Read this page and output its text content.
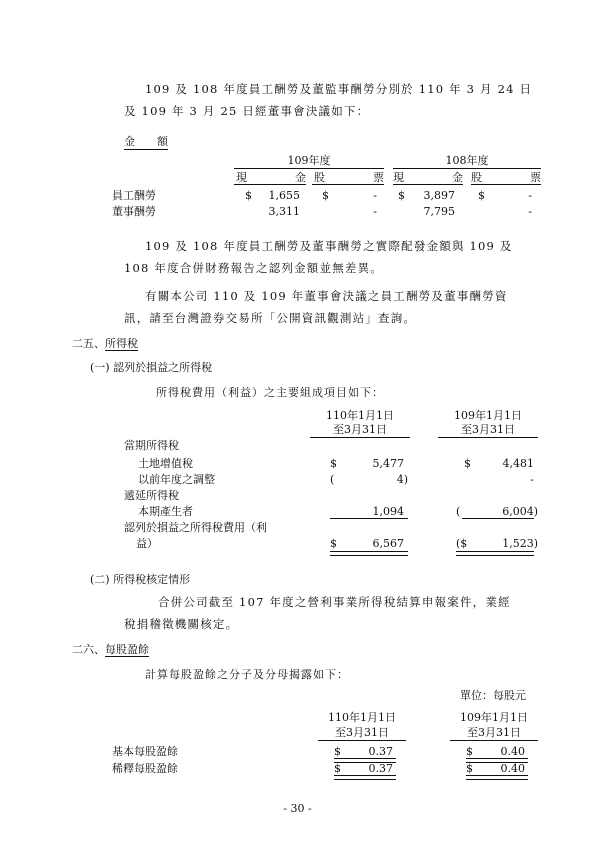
109 及 108 年度員工酬勞及董監事酬勞分別於 110 年 3 月 24 日
及 109 年 3 月 25 日經董事會決議如下：
金　　額
109年度	108年度
現　　　金 股　　　票 現　　　金 股　　　票
員工酬勞	$	1,655 $	- $	3,897 $	-
董事酬勞	3,311	-	7,795	-
109 及 108 年度員工酬勞及董事酬勞之實際配發金額與 109 及
108 年度合併財務報告之認列金額並無差異。
有關本公司 110 及 109 年董事會決議之員工酬勞及董事酬勞資
訊，請至台灣證券交易所「公開資訊觀測站」查詢。
二五、所得稅
(一) 認列於損益之所得稅
所得稅費用（利益）之主要組成項目如下：
110年1月1日
至3月31日
109年1月1日
至3月31日
當期所得稅
土地增值稅	$	5,477	$	4,481
以前年度之調整	(	4)	-
遞延所得稅
本期產生者	1,094	(	6,004)
認列於損益之所得稅費用（利
益）	$	6,567	($	1,523)
(二) 所得稅核定情形
合併公司截至 107 年度之營利事業所得稅結算申報案件，業經
稅捐稽徵機關核定。
二六、每股盈餘
計算每股盈餘之分子及分母揭露如下：
單位：每股元
110年1月1日
至3月31日
109年1月1日
至3月31日
基本每股盈餘	$	0.37	$	0.40
稀釋每股盈餘	$	0.37	$	0.40
- 30 -
